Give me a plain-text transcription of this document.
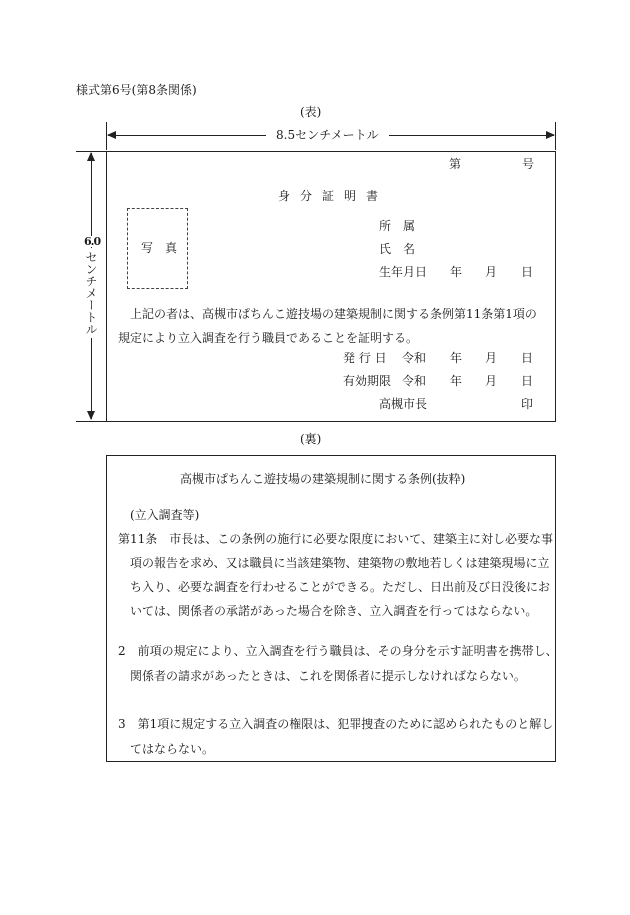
様式第6号(第8条関係)
(表)
8.5センチメートル
6.0
センチメートル
第	号
身分証明書
写　真
所　属
氏　名
生年月日 年 月 日
上記の者は、高槻市ぱちんこ遊技場の建築規制に関する条例第11条第1項の規定により立入調査を行う職員であることを証明する。
発 行 日 令和 年 月 日
有効期限 令和 年 月 日
高槻市長	印
(裏)
高槻市ぱちんこ遊技場の建築規制に関する条例(抜粋)
(立入調査等)
第11条　市長は、この条例の施行に必要な限度において、建築主に対し必要な事項の報告を求め、又は職員に当該建築物、建築物の敷地若しくは建築現場に立ち入り、必要な調査を行わせることができる。ただし、日出前及び日没後においては、関係者の承諾があった場合を除き、立入調査を行ってはならない。
2　前項の規定により、立入調査を行う職員は、その身分を示す証明書を携帯し、関係者の請求があったときは、これを関係者に提示しなければならない。
3　第1項に規定する立入調査の権限は、犯罪捜査のために認められたものと解してはならない。
